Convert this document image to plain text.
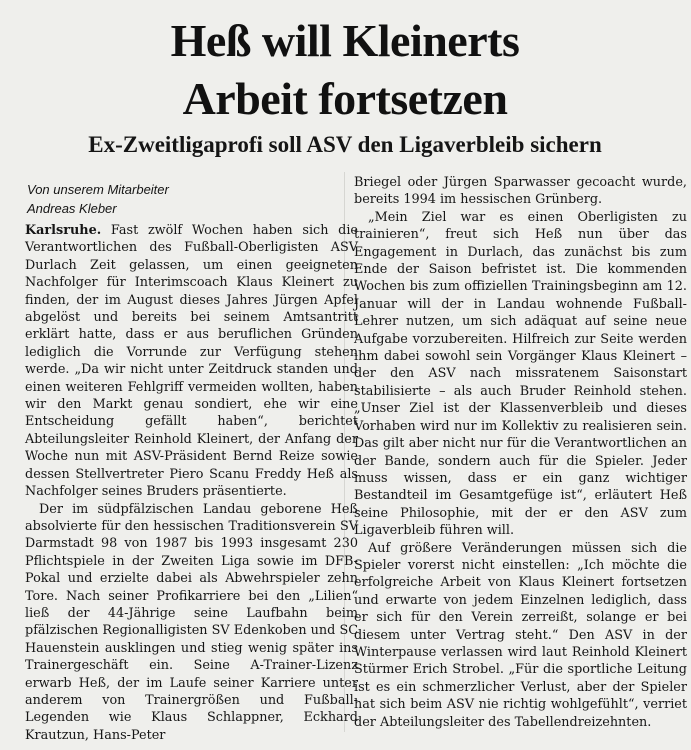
Heß will Kleinerts
Arbeit fortsetzen
Ex-Zweitligaprofi soll ASV den Ligaverbleib sichern
Von unserem Mitarbeiter
Andreas Kleber

Karlsruhe. Fast zwölf Wochen haben sich die Verantwortlichen des Fußball-Oberligisten ASV Durlach Zeit gelassen, um einen geeigneten Nachfolger für Interimscoach Klaus Kleinert zu finden, der im August dieses Jahres Jürgen Apfel abgelöst und bereits bei seinem Amtsantritt erklärt hatte, dass er aus beruflichen Gründen lediglich die Vorrunde zur Verfügung stehen werde. „Da wir nicht unter Zeitdruck standen und einen weiteren Fehlgriff vermeiden wollten, haben wir den Markt genau sondiert, ehe wir eine Entscheidung gefällt haben“, berichtet Abteilungsleiter Reinhold Kleinert, der Anfang der Woche nun mit ASV-Präsident Bernd Reize sowie dessen Stellvertreter Piero Scanu Freddy Heß als Nachfolger seines Bruders präsentierte.

Der im südpfälzischen Landau geborene Heß absolvierte für den hessischen Traditionsverein SV Darmstadt 98 von 1987 bis 1993 insgesamt 230 Pflichtspiele in der Zweiten Liga sowie im DFB-Pokal und erzielte dabei als Abwehrspieler zehn Tore. Nach seiner Profikarriere bei den „Lilien“ ließ der 44-Jährige seine Laufbahn beim pfälzischen Regionalligisten SV Edenkoben und SC Hauenstein ausklingen und stieg wenig später ins Trainergeschäft ein. Seine A-Trainer-Lizenz erwarb Heß, der im Laufe seiner Karriere unter anderem von Trainergrößen und Fußball-Legenden wie Klaus Schlappner, Eckhard Krautzun, Hans-Peter

Briegel oder Jürgen Sparwasser gecoacht wurde, bereits 1994 im hessischen Grünberg.

„Mein Ziel war es einen Oberligisten zu trainieren“, freut sich Heß nun über das Engagement in Durlach, das zunächst bis zum Ende der Saison befristet ist. Die kommenden Wochen bis zum offiziellen Trainingsbeginn am 12. Januar will der in Landau wohnende Fußball-Lehrer nutzen, um sich adäquat auf seine neue Aufgabe vorzubereiten. Hilfreich zur Seite werden ihm dabei sowohl sein Vorgänger Klaus Kleinert – der den ASV nach missratenem Saisonstart stabilisierte – als auch Bruder Reinhold stehen. „Unser Ziel ist der Klassenverbleib und dieses Vorhaben wird nur im Kollektiv zu realisieren sein. Das gilt aber nicht nur für die Verantwortlichen an der Bande, sondern auch für die Spieler. Jeder muss wissen, dass er ein ganz wichtiger Bestandteil im Gesamtgefüge ist“, erläutert Heß seine Philosophie, mit der er den ASV zum Ligaverbleib führen will.

Auf größere Veränderungen müssen sich die Spieler vorerst nicht einstellen: „Ich möchte die erfolgreiche Arbeit von Klaus Kleinert fortsetzen und erwarte von jedem Einzelnen lediglich, dass er sich für den Verein zerreißt, solange er bei diesem unter Vertrag steht.“ Den ASV in der Winterpause verlassen wird laut Reinhold Kleinert Stürmer Erich Strobel. „Für die sportliche Leitung ist es ein schmerzlicher Verlust, aber der Spieler hat sich beim ASV nie richtig wohlgefühlt“, verriet der Abteilungsleiter des Tabellendreizehnten.
